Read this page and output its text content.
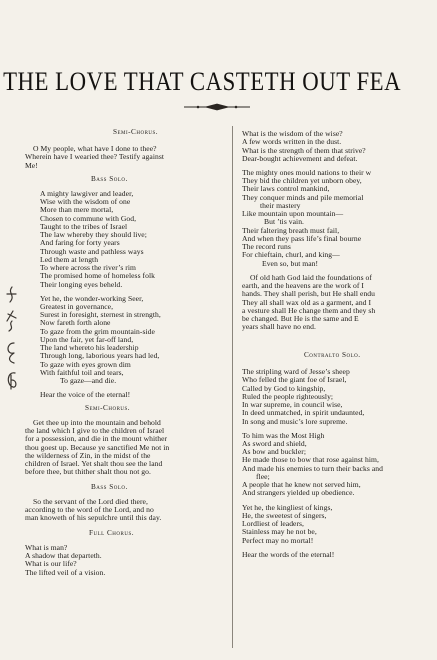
THE LOVE THAT CASTETH OUT FEA
Semi-Chorus.
O My people, what have I done to thee?
Wherein have I wearied thee? Testify against
Me!
Bass Solo.
A mighty lawgiver and leader,
Wise with the wisdom of one
More than mere mortal,
Chosen to commune with God,
Taught to the tribes of Israel
The law whereby they should live;
And faring for forty years
Through waste and pathless ways
Led them at length
To where across the river’s rim
The promised home of homeless folk
Their longing eyes beheld.
Yet he, the wonder-working Seer,
Greatest in governance,
Surest in foresight, sternest in strength,
Now fareth forth alone
To gaze from the grim mountain-side
Upon the fair, yet far-off land,
The land whereto his leadership
Through long, laborious years had led,
To gaze with eyes grown dim
With faithful toil and tears,
To gaze—and die.
Hear the voice of the eternal!
Semi-Chorus.
Get thee up into the mountain and behold
the land which I give to the children of Israel
for a possession, and die in the mount whither
thou goest up. Because ye sanctified Me not in
the wilderness of Zin, in the midst of the
children of Israel. Yet shalt thou see the land
before thee, but thither shalt thou not go.
Bass Solo.
So the servant of the Lord died there,
according to the word of the Lord, and no
man knoweth of his sepulchre until this day.
Full Chorus.
What is man?
A shadow that departeth.
What is our life?
The lifted veil of a vision.
What is the wisdom of the wise?
A few words written in the dust.
What is the strength of them that strive?
Dear-bought achievement and defeat.
The mighty ones mould nations to their w
They bid the children yet unborn obey,
Their laws control mankind,
They conquer minds and pile memorial
their mastery
Like mountain upon mountain—
But ’tis vain.
Their faltering breath must fail,
And when they pass life’s final bourne
The record runs
For chieftain, churl, and king—
Even so, but man!
Of old hath God laid the foundations of
earth, and the heavens are the work of I
hands. They shall perish, but He shall endu
They all shall wax old as a garment, and I
a vesture shall He change them and they sh
be changed. But He is the same and E
years shall have no end.
Contralto Solo.
The stripling ward of Jesse’s sheep
Who felled the giant foe of Israel,
Called by God to kingship,
Ruled the people righteously;
In war supreme, in council wise,
In deed unmatched, in spirit undaunted,
In song and music’s lore supreme.
To him was the Most High
As sword and shield,
As bow and buckler;
He made those to bow that rose against him,
And made his enemies to turn their backs and
flee;
A people that he knew not served him,
And strangers yielded up obedience.
Yet he, the kingliest of kings,
He, the sweetest of singers,
Lordliest of leaders,
Stainless may he not be,
Perfect may no mortal!
Hear the words of the eternal!
